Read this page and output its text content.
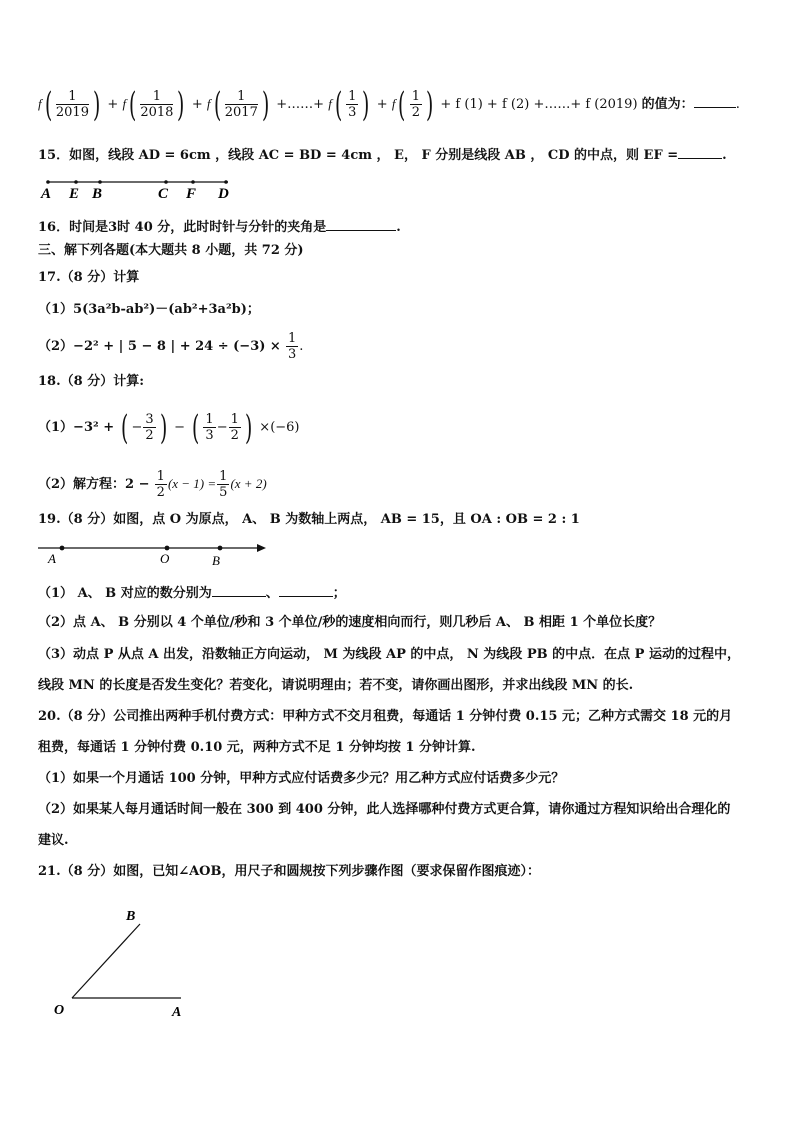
$f( \frac{1}{2019}$ ) + $f( \frac{1}{2018}$ ) + $f( \frac{1}{2017}$ ) +……+ $f( \frac{1}{3}$ ) + $f( \frac{1}{2}$ ) + f (1) + f (2) +……+ f (2019) 的值为：	.
15．如图，线段 AD = 6cm ，线段 AC = BD = 4cm ， E， F 分别是线段 AB ， CD 的中点，则 EF =	.
A E B	C F D
16．时间是3时 40 分，此时时针与分针的夹角是	.
三、解下列各题(本大题共 8 小题，共 72 分)
17.（8 分）计算
（1）5(3a²b-ab²)－(ab²+3a²b)；
（2）−2² + | 5 − 8 | + $24 \div (-3) \times \frac{1}{3}$ .
18.（8 分）计算:
（1）−3² + ( − $\frac{3}{2}$ ) − ( $\frac{1}{3} - \frac{1}{2}$ ) ×(−6)
（2）解方程：$2 - \frac{1}{2} (x - 1) = \frac{1}{5} (x + 2)$
19.（8 分）如图，点 O 为原点， A、 B 为数轴上两点， AB = 15，且 OA : OB = 2 : 1
A	O	B
（1） A、 B 对应的数分别为	、	；
（2）点 A、 B 分别以 4 个单位/秒和 3 个单位/秒的速度相向而行，则几秒后 A、 B 相距 1 个单位长度？
（3）动点 P 从点 A 出发，沿数轴正方向运动， M 为线段 AP 的中点， N 为线段 PB 的中点．在点 P 运动的过程中，
线段 MN 的长度是否发生变化？若变化，请说明理由；若不变，请你画出图形，并求出线段 MN 的长.
20.（8 分）公司推出两种手机付费方式：甲种方式不交月租费，每通话 1 分钟付费 0.15 元；乙种方式需交 18 元的月
租费，每通话 1 分钟付费 0.10 元，两种方式不足 1 分钟均按 1 分钟计算.
（1）如果一个月通话 100 分钟，甲种方式应付话费多少元？用乙种方式应付话费多少元？
（2）如果某人每月通话时间一般在 300 到 400 分钟，此人选择哪种付费方式更合算，请你通过方程知识给出合理化的
建议.
21.（8 分）如图，已知∠AOB，用尺子和圆规按下列步骤作图（要求保留作图痕迹）：
B
O	A
